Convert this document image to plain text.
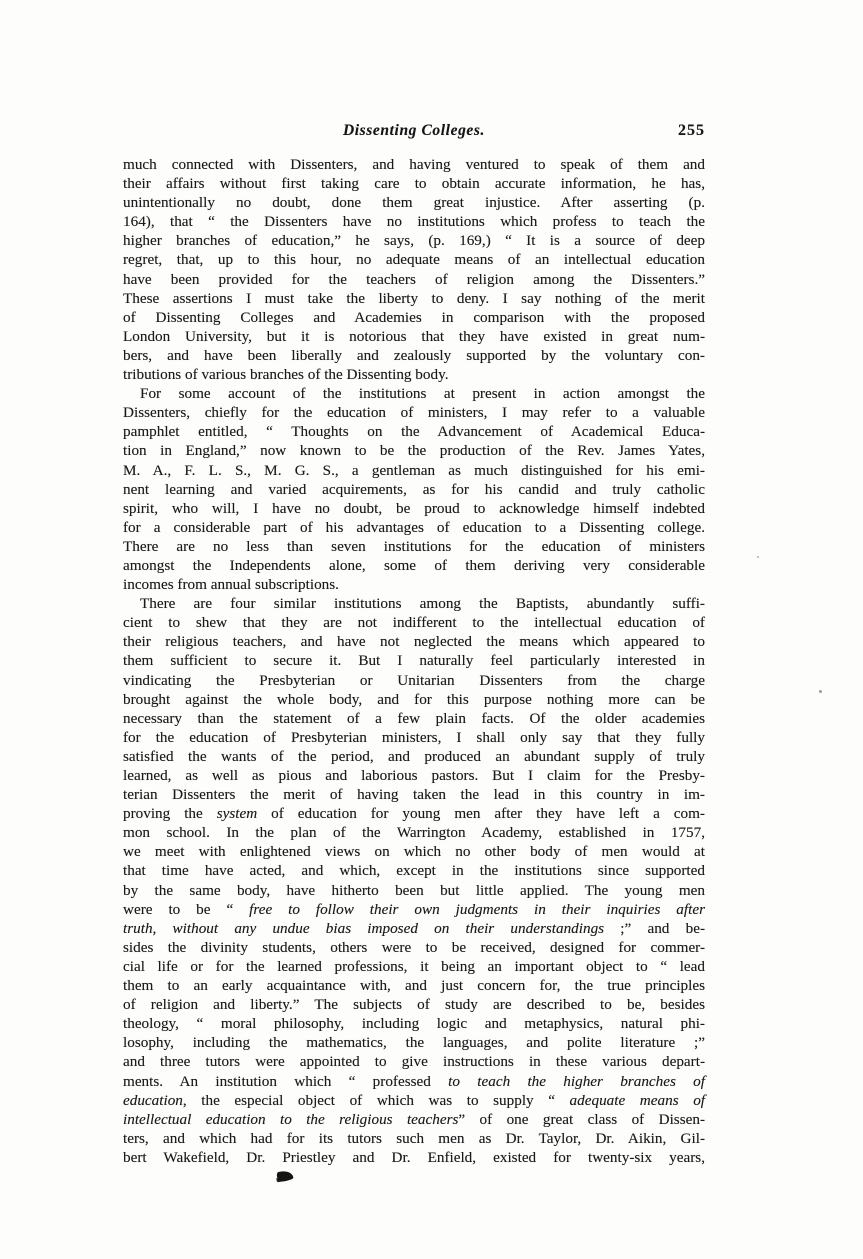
Dissenting Colleges.	255
much connected with Dissenters, and having ventured to speak of them and
their affairs without first taking care to obtain accurate information, he has,
unintentionally no doubt, done them great injustice. After asserting (p.
164), that “ the Dissenters have no institutions which profess to teach the
higher branches of education,” he says, (p. 169,) “ It is a source of deep
regret, that, up to this hour, no adequate means of an intellectual education
have been provided for the teachers of religion among the Dissenters.”
These assertions I must take the liberty to deny. I say nothing of the merit
of Dissenting Colleges and Academies in comparison with the proposed
London University, but it is notorious that they have existed in great num-
bers, and have been liberally and zealously supported by the voluntary con-
tributions of various branches of the Dissenting body.
For some account of the institutions at present in action amongst the
Dissenters, chiefly for the education of ministers, I may refer to a valuable
pamphlet entitled, “ Thoughts on the Advancement of Academical Educa-
tion in England,” now known to be the production of the Rev. James Yates,
M. A., F. L. S., M. G. S., a gentleman as much distinguished for his emi-
nent learning and varied acquirements, as for his candid and truly catholic
spirit, who will, I have no doubt, be proud to acknowledge himself indebted
for a considerable part of his advantages of education to a Dissenting college.
There are no less than seven institutions for the education of ministers
amongst the Independents alone, some of them deriving very considerable
incomes from annual subscriptions.
There are four similar institutions among the Baptists, abundantly suffi-
cient to shew that they are not indifferent to the intellectual education of
their religious teachers, and have not neglected the means which appeared to
them sufficient to secure it. But I naturally feel particularly interested in
vindicating the Presbyterian or Unitarian Dissenters from the charge
brought against the whole body, and for this purpose nothing more can be
necessary than the statement of a few plain facts. Of the older academies
for the education of Presbyterian ministers, I shall only say that they fully
satisfied the wants of the period, and produced an abundant supply of truly
learned, as well as pious and laborious pastors. But I claim for the Presby-
terian Dissenters the merit of having taken the lead in this country in im-
proving the system of education for young men after they have left a com-
mon school. In the plan of the Warrington Academy, established in 1757,
we meet with enlightened views on which no other body of men would at
that time have acted, and which, except in the institutions since supported
by the same body, have hitherto been but little applied. The young men
were to be “ free to follow their own judgments in their inquiries after
truth, without any undue bias imposed on their understandings ;” and be-
sides the divinity students, others were to be received, designed for commer-
cial life or for the learned professions, it being an important object to “ lead
them to an early acquaintance with, and just concern for, the true principles
of religion and liberty.” The subjects of study are described to be, besides
theology, “ moral philosophy, including logic and metaphysics, natural phi-
losophy, including the mathematics, the languages, and polite literature ;”
and three tutors were appointed to give instructions in these various depart-
ments. An institution which “ professed to teach the higher branches of
education, the especial object of which was to supply “ adequate means of
intellectual education to the religious teachers” of one great class of Dissen-
ters, and which had for its tutors such men as Dr. Taylor, Dr. Aikin, Gil-
bert Wakefield, Dr. Priestley and Dr. Enfield, existed for twenty-six years,
